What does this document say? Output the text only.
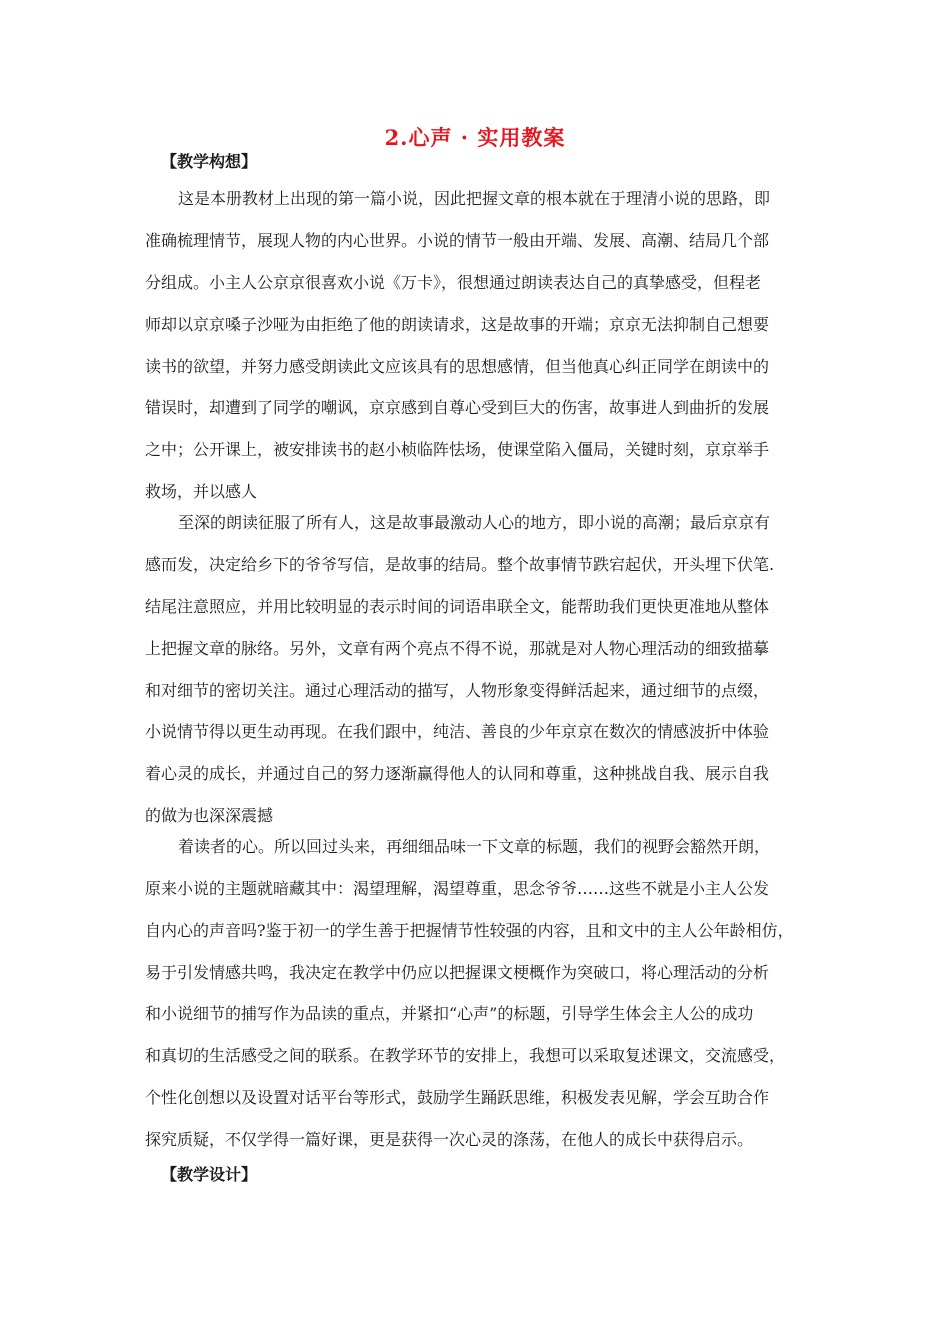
2.心声 · 实用教案
【教学构想】
这是本册教材上出现的第一篇小说，因此把握文章的根本就在于理清小说的思路，即
准确梳理情节，展现人物的内心世界。小说的情节一般由开端、发展、高潮、结局几个部
分组成。小主人公京京很喜欢小说《万卡》，很想通过朗读表达自己的真挚感受，但程老
师却以京京嗓子沙哑为由拒绝了他的朗读请求，这是故事的开端；京京无法抑制自己想要
读书的欲望，并努力感受朗读此文应该具有的思想感情，但当他真心纠正同学在朗读中的
错误时，却遭到了同学的嘲讽，京京感到自尊心受到巨大的伤害，故事进人到曲折的发展
之中；公开课上，被安排读书的赵小桢临阵怯场，使课堂陷入僵局，关键时刻，京京举手
救场，并以感人
至深的朗读征服了所有人，这是故事最激动人心的地方，即小说的高潮；最后京京有
感而发，决定给乡下的爷爷写信，是故事的结局。整个故事情节跌宕起伏，开头埋下伏笔.
结尾注意照应，并用比较明显的表示时间的词语串联全文，能帮助我们更快更准地从整体
上把握文章的脉络。另外，文章有两个亮点不得不说，那就是对人物心理活动的细致描摹
和对细节的密切关注。通过心理活动的描写，人物形象变得鲜活起来，通过细节的点缀，
小说情节得以更生动再现。在我们跟中，纯洁、善良的少年京京在数次的情感波折中体验
着心灵的成长，并通过自己的努力逐渐赢得他人的认同和尊重，这种挑战自我、展示自我
的做为也深深震撼
着读者的心。所以回过头来，再细细品味一下文章的标题，我们的视野会豁然开朗，
原来小说的主题就暗藏其中：渴望理解，渴望尊重，思念爷爷……这些不就是小主人公发
自内心的声音吗?鉴于初一的学生善于把握情节性较强的内容，且和文中的主人公年龄相仿，
易于引发情感共鸣，我决定在教学中仍应以把握课文梗概作为突破口，将心理活动的分析
和小说细节的捕写作为品读的重点，并紧扣“心声”的标题，引导学生体会主人公的成功
和真切的生活感受之间的联系。在教学环节的安排上，我想可以采取复述课文，交流感受，
个性化创想以及设置对话平台等形式，鼓励学生踊跃思维，积极发表见解，学会互助合作
探究质疑，不仅学得一篇好课，更是获得一次心灵的涤荡，在他人的成长中获得启示。
【教学设计】
